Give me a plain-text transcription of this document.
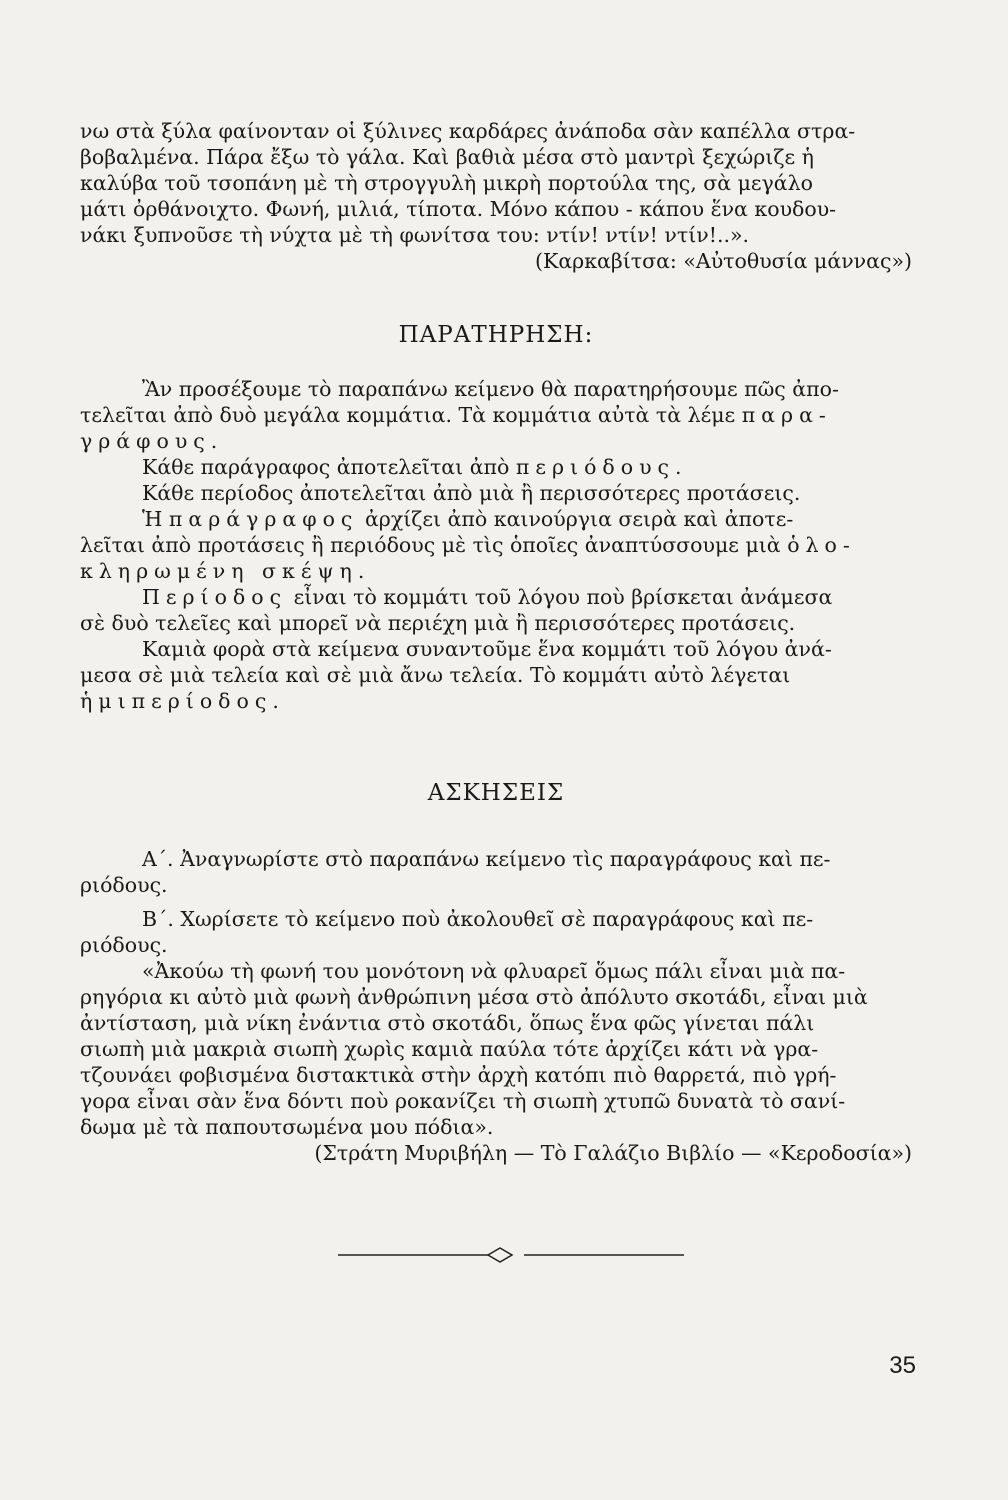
νω στὰ ξύλα φαίνονταν οἱ ξύλινες καρδάρες ἀνάποδα σὰν καπέλλα στρα-

βοβαλμένα. Πάρα ἔξω τὸ γάλα. Καὶ βαθιὰ μέσα στὸ μαντρὶ ξεχώριζε ἡ

καλύβα τοῦ τσοπάνη μὲ τὴ στρογγυλὴ μικρὴ πορτούλα της, σὰ μεγάλο

μάτι ὀρθάνοιχτο. Φωνή, μιλιά, τίποτα. Μόνο κάπου - κάπου ἕνα κουδου-

νάκι ξυπνοῦσε τὴ νύχτα μὲ τὴ φωνίτσα του: ντίν! ντίν! ντίν!..».

(Καρκαβίτσα: «Αὐτοθυσία μάννας»)

ΠΑΡΑΤΗΡΗΣΗ:

Ἂν προσέξουμε τὸ παραπάνω κείμενο θὰ παρατηρήσουμε πῶς ἀπο-

τελεῖται ἀπὸ δυὸ μεγάλα κομμάτια. Τὰ κομμάτια αὐτὰ τὰ λέμε παρα-

γράφους.

Κάθε παράγραφος ἀποτελεῖται ἀπὸ περιόδους.

Κάθε περίοδος ἀποτελεῖται ἀπὸ μιὰ ἢ περισσότερες προτάσεις.

Ἡ παράγραφος ἀρχίζει ἀπὸ καινούργια σειρὰ καὶ ἀποτε-

λεῖται ἀπὸ προτάσεις ἢ περιόδους μὲ τὶς ὁποῖες ἀναπτύσσουμε μιὰ ὁλο-

κληρωμένη σκέψη.

Περίοδος εἶναι τὸ κομμάτι τοῦ λόγου ποὺ βρίσκεται ἀνάμεσα

σὲ δυὸ τελεῖες καὶ μπορεῖ νὰ περιέχη μιὰ ἢ περισσότερες προτάσεις.

Καμιὰ φορὰ στὰ κείμενα συναντοῦμε ἕνα κομμάτι τοῦ λόγου ἀνά-

μεσα σὲ μιὰ τελεία καὶ σὲ μιὰ ἄνω τελεία. Τὸ κομμάτι αὐτὸ λέγεται

ἡμιπερίοδος.

ΑΣΚΗΣΕΙΣ

Α΄. Ἀναγνωρίστε στὸ παραπάνω κείμενο τὶς παραγράφους καὶ πε-

ριόδους.

Β΄. Χωρίσετε τὸ κείμενο ποὺ ἀκολουθεῖ σὲ παραγράφους καὶ πε-

ριόδους.

«Ἀκούω τὴ φωνή του μονότονη νὰ φλυαρεῖ ὅμως πάλι εἶναι μιὰ πα-

ρηγόρια κι αὐτὸ μιὰ φωνὴ ἀνθρώπινη μέσα στὸ ἀπόλυτο σκοτάδι, εἶναι μιὰ

ἀντίσταση, μιὰ νίκη ἐνάντια στὸ σκοτάδι, ὅπως ἕνα φῶς γίνεται πάλι

σιωπὴ μιὰ μακριὰ σιωπὴ χωρὶς καμιὰ παύλα τότε ἀρχίζει κάτι νὰ γρα-

τζουνάει φοβισμένα διστακτικὰ στὴν ἀρχὴ κατόπι πιὸ θαρρετά, πιὸ γρή-

γορα εἶναι σὰν ἕνα δόντι ποὺ ροκανίζει τὴ σιωπὴ χτυπῶ δυνατὰ τὸ σανί-

δωμα μὲ τὰ παπουτσωμένα μου πόδια».

(Στράτη Μυριβήλη — Τὸ Γαλάζιο Βιβλίο — «Κεροδοσία»)

35
